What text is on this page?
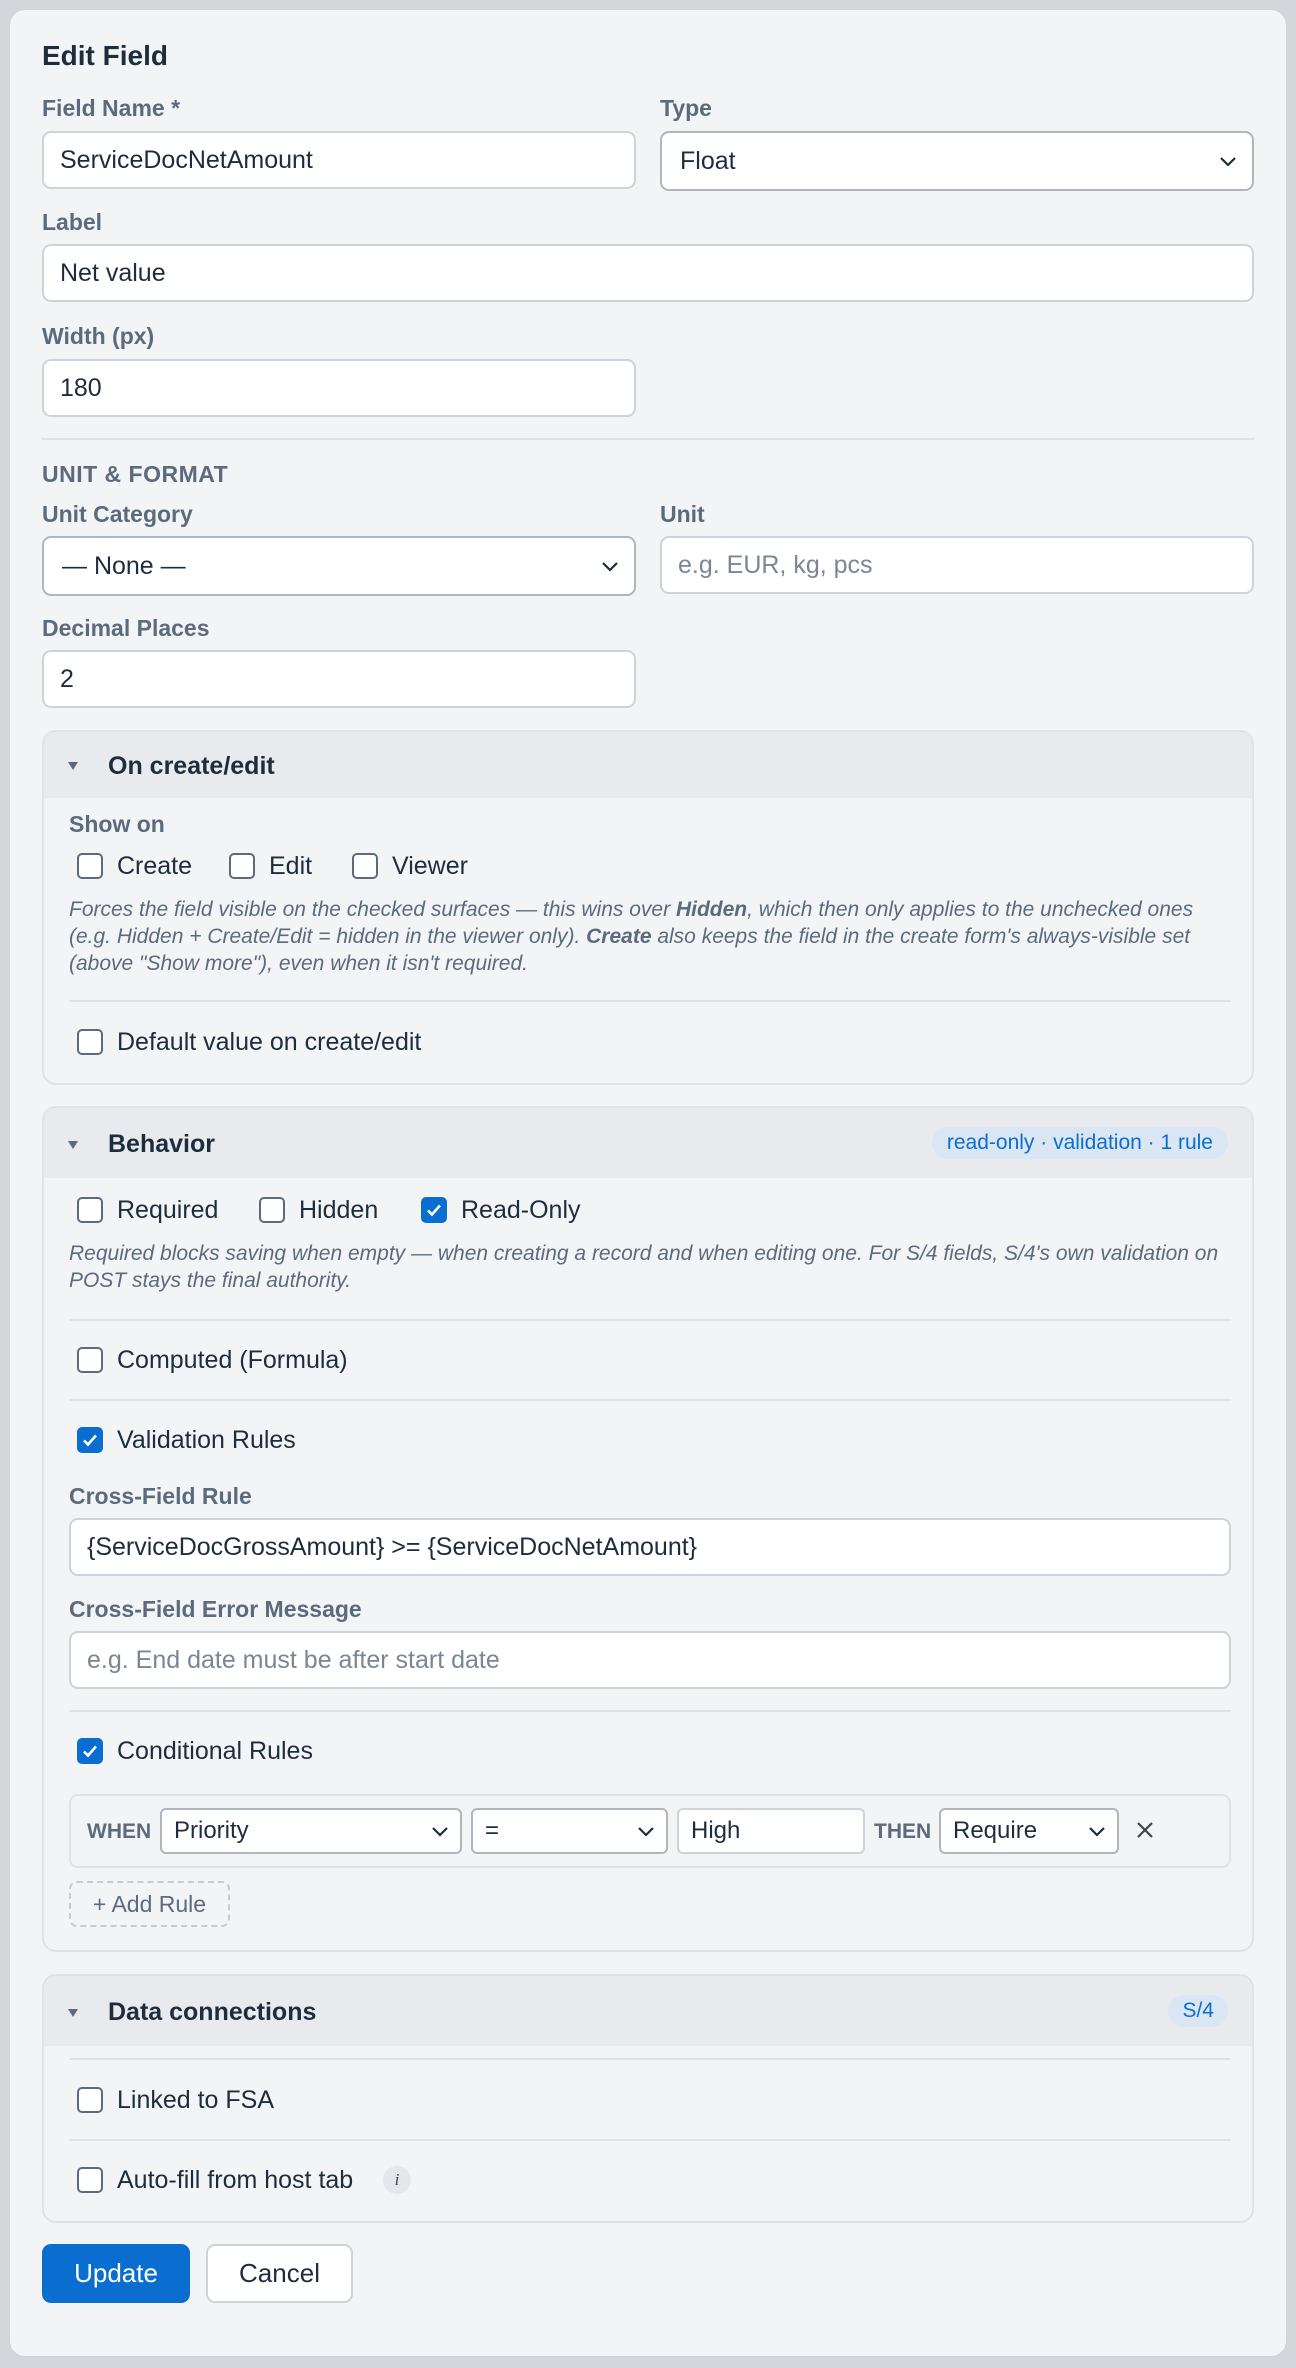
Edit Field
Field Name *
ServiceDocNetAmount
Type
Float
Label
Net value
Width (px)
180
UNIT & FORMAT
Unit Category
— None —
Unit
e.g. EUR, kg, pcs
Decimal Places
2
On create/edit
Show on
Create	Edit	Viewer
Forces the field visible on the checked surfaces — this wins over Hidden, which then only applies to the unchecked ones (e.g. Hidden + Create/Edit = hidden in the viewer only). Create also keeps the field in the create form's always-visible set (above "Show more"), even when it isn't required.
Default value on create/edit
Behavior	read-only · validation · 1 rule
Required	Hidden	Read-Only
Required blocks saving when empty — when creating a record and when editing one. For S/4 fields, S/4's own validation on POST stays the final authority.
Computed (Formula)
Validation Rules
Cross-Field Rule
{ServiceDocGrossAmount} >= {ServiceDocNetAmount}
Cross-Field Error Message
e.g. End date must be after start date
Conditional Rules
WHEN Priority	=	High	THEN Require
+ Add Rule
Data connections	S/4
Linked to FSA
Auto-fill from host tab	i
Update	Cancel
